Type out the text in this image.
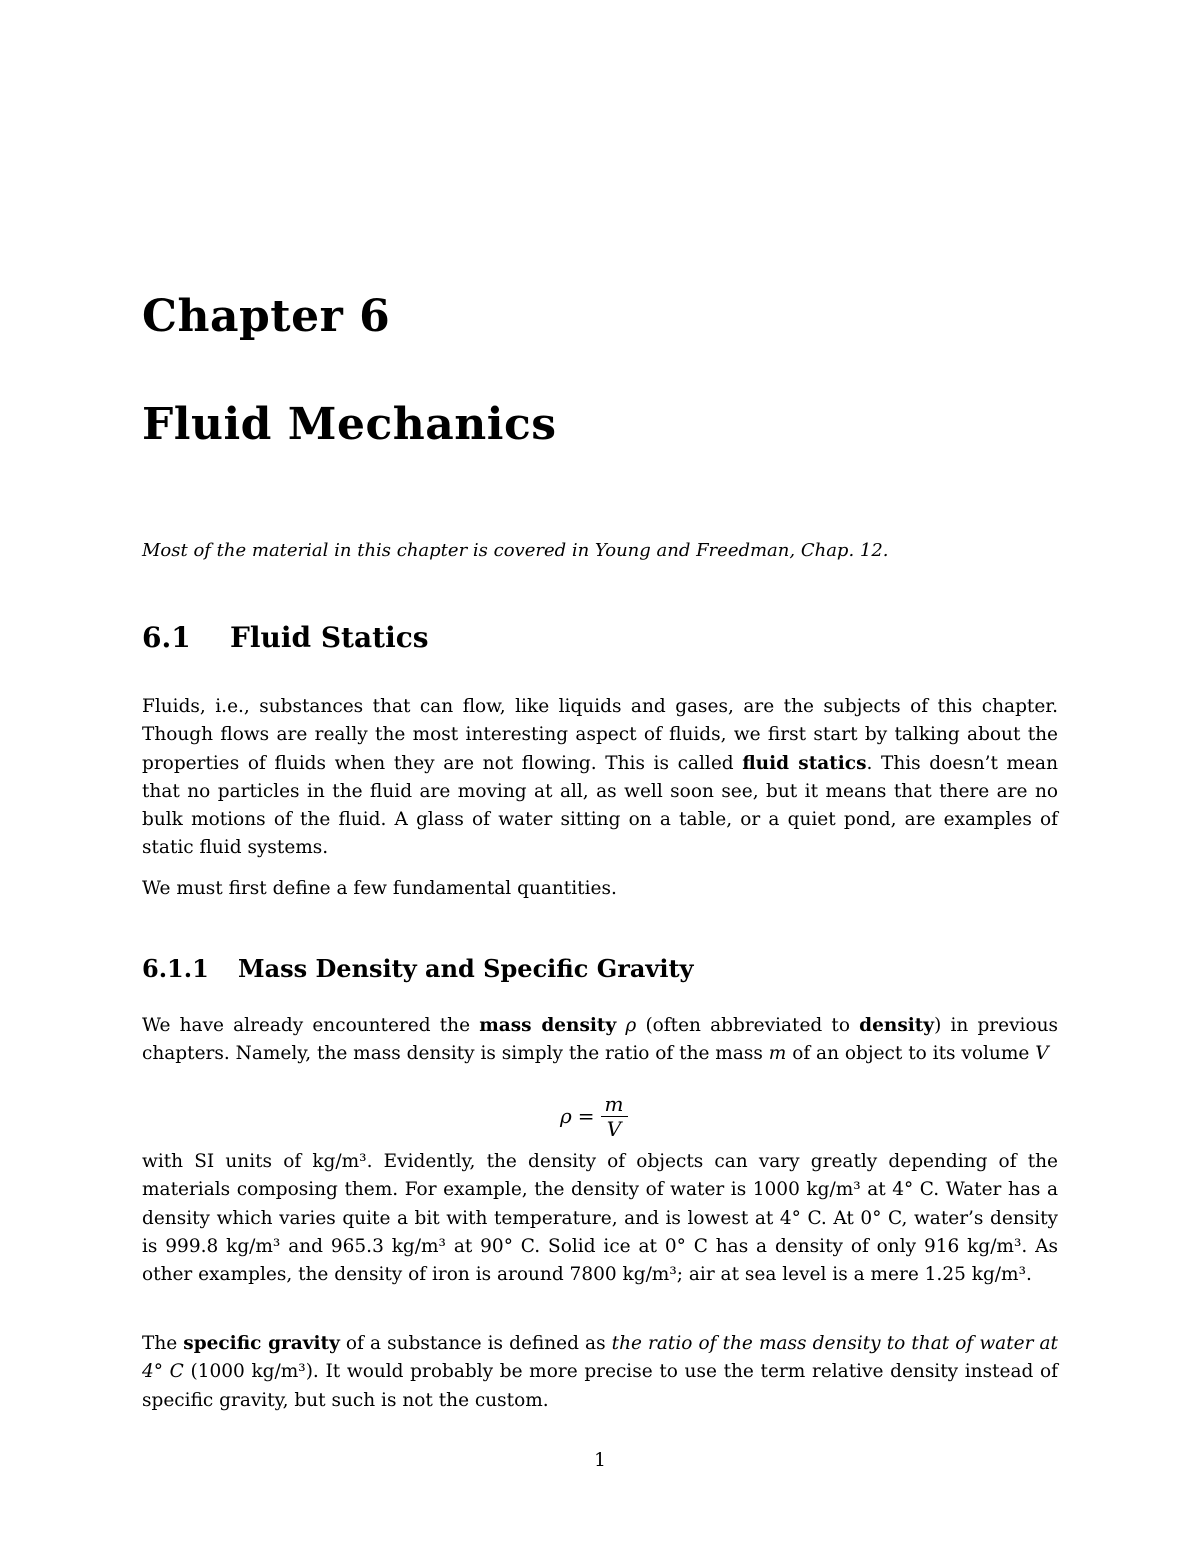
Chapter 6
Fluid Mechanics
Most of the material in this chapter is covered in Young and Freedman, Chap. 12.
6.1 Fluid Statics

Fluids, i.e., substances that can flow, like liquids and gases, are the subjects of this chapter. Though flows are really the most interesting aspect of fluids, we first start by talking about the properties of fluids when they are not flowing. This is called fluid statics. This doesn’t mean that no particles in the fluid are moving at all, as well soon see, but it means that there are no bulk motions of the fluid. A glass of water sitting on a table, or a quiet pond, are examples of static fluid systems.

We must first define a few fundamental quantities.

6.1.1 Mass Density and Specific Gravity

We have already encountered the mass density ρ (often abbreviated to density) in previous chapters. Namely, the mass density is simply the ratio of the mass m of an object to its volume V

$\rho = \frac{m}{V}$

with SI units of kg/m³. Evidently, the density of objects can vary greatly depending of the materials composing them. For example, the density of water is 1000 kg/m³ at 4° C. Water has a density which varies quite a bit with temperature, and is lowest at 4° C. At 0° C, water’s density is 999.8 kg/m³ and 965.3 kg/m³ at 90° C. Solid ice at 0° C has a density of only 916 kg/m³. As other examples, the density of iron is around 7800 kg/m³; air at sea level is a mere 1.25 kg/m³.

The specific gravity of a substance is defined as the ratio of the mass density to that of water at 4° C (1000 kg/m³). It would probably be more precise to use the term relative density instead of specific gravity, but such is not the custom.

1
